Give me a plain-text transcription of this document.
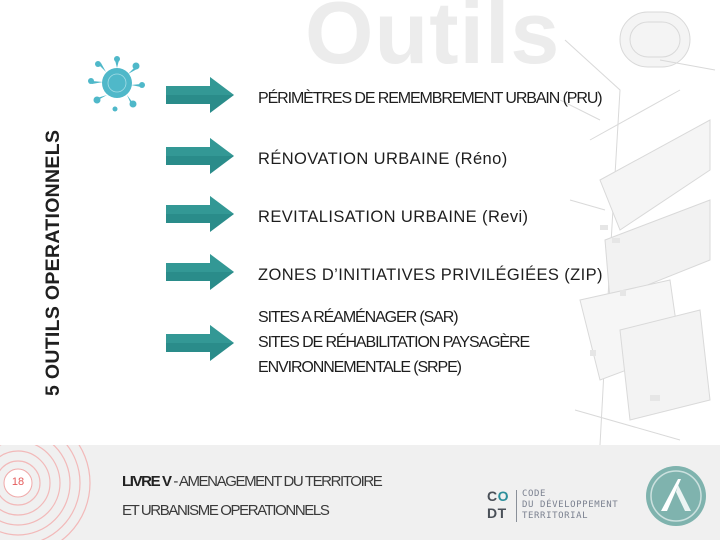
Outils
5 OUTILS OPERATIONNELS
PÉRIMÈTRES DE REMEMBREMENT URBAIN (PRU)
RÉNOVATION URBAINE (Réno)
REVITALISATION URBAINE (Revi)
ZONES D’INITIATIVES PRIVILÉGIÉES (ZIP)
SITES A RÉAMÉNAGER (SAR)
SITES DE RÉHABILITATION PAYSAGÈRE
ENVIRONNEMENTALE (SRPE)
18	LIVRE V - AMENAGEMENT DU TERRITOIRE
ET URBANISME OPERATIONNELS
CO
DT
CODE
DU DÉVELOPPEMENT
TERRITORIAL
